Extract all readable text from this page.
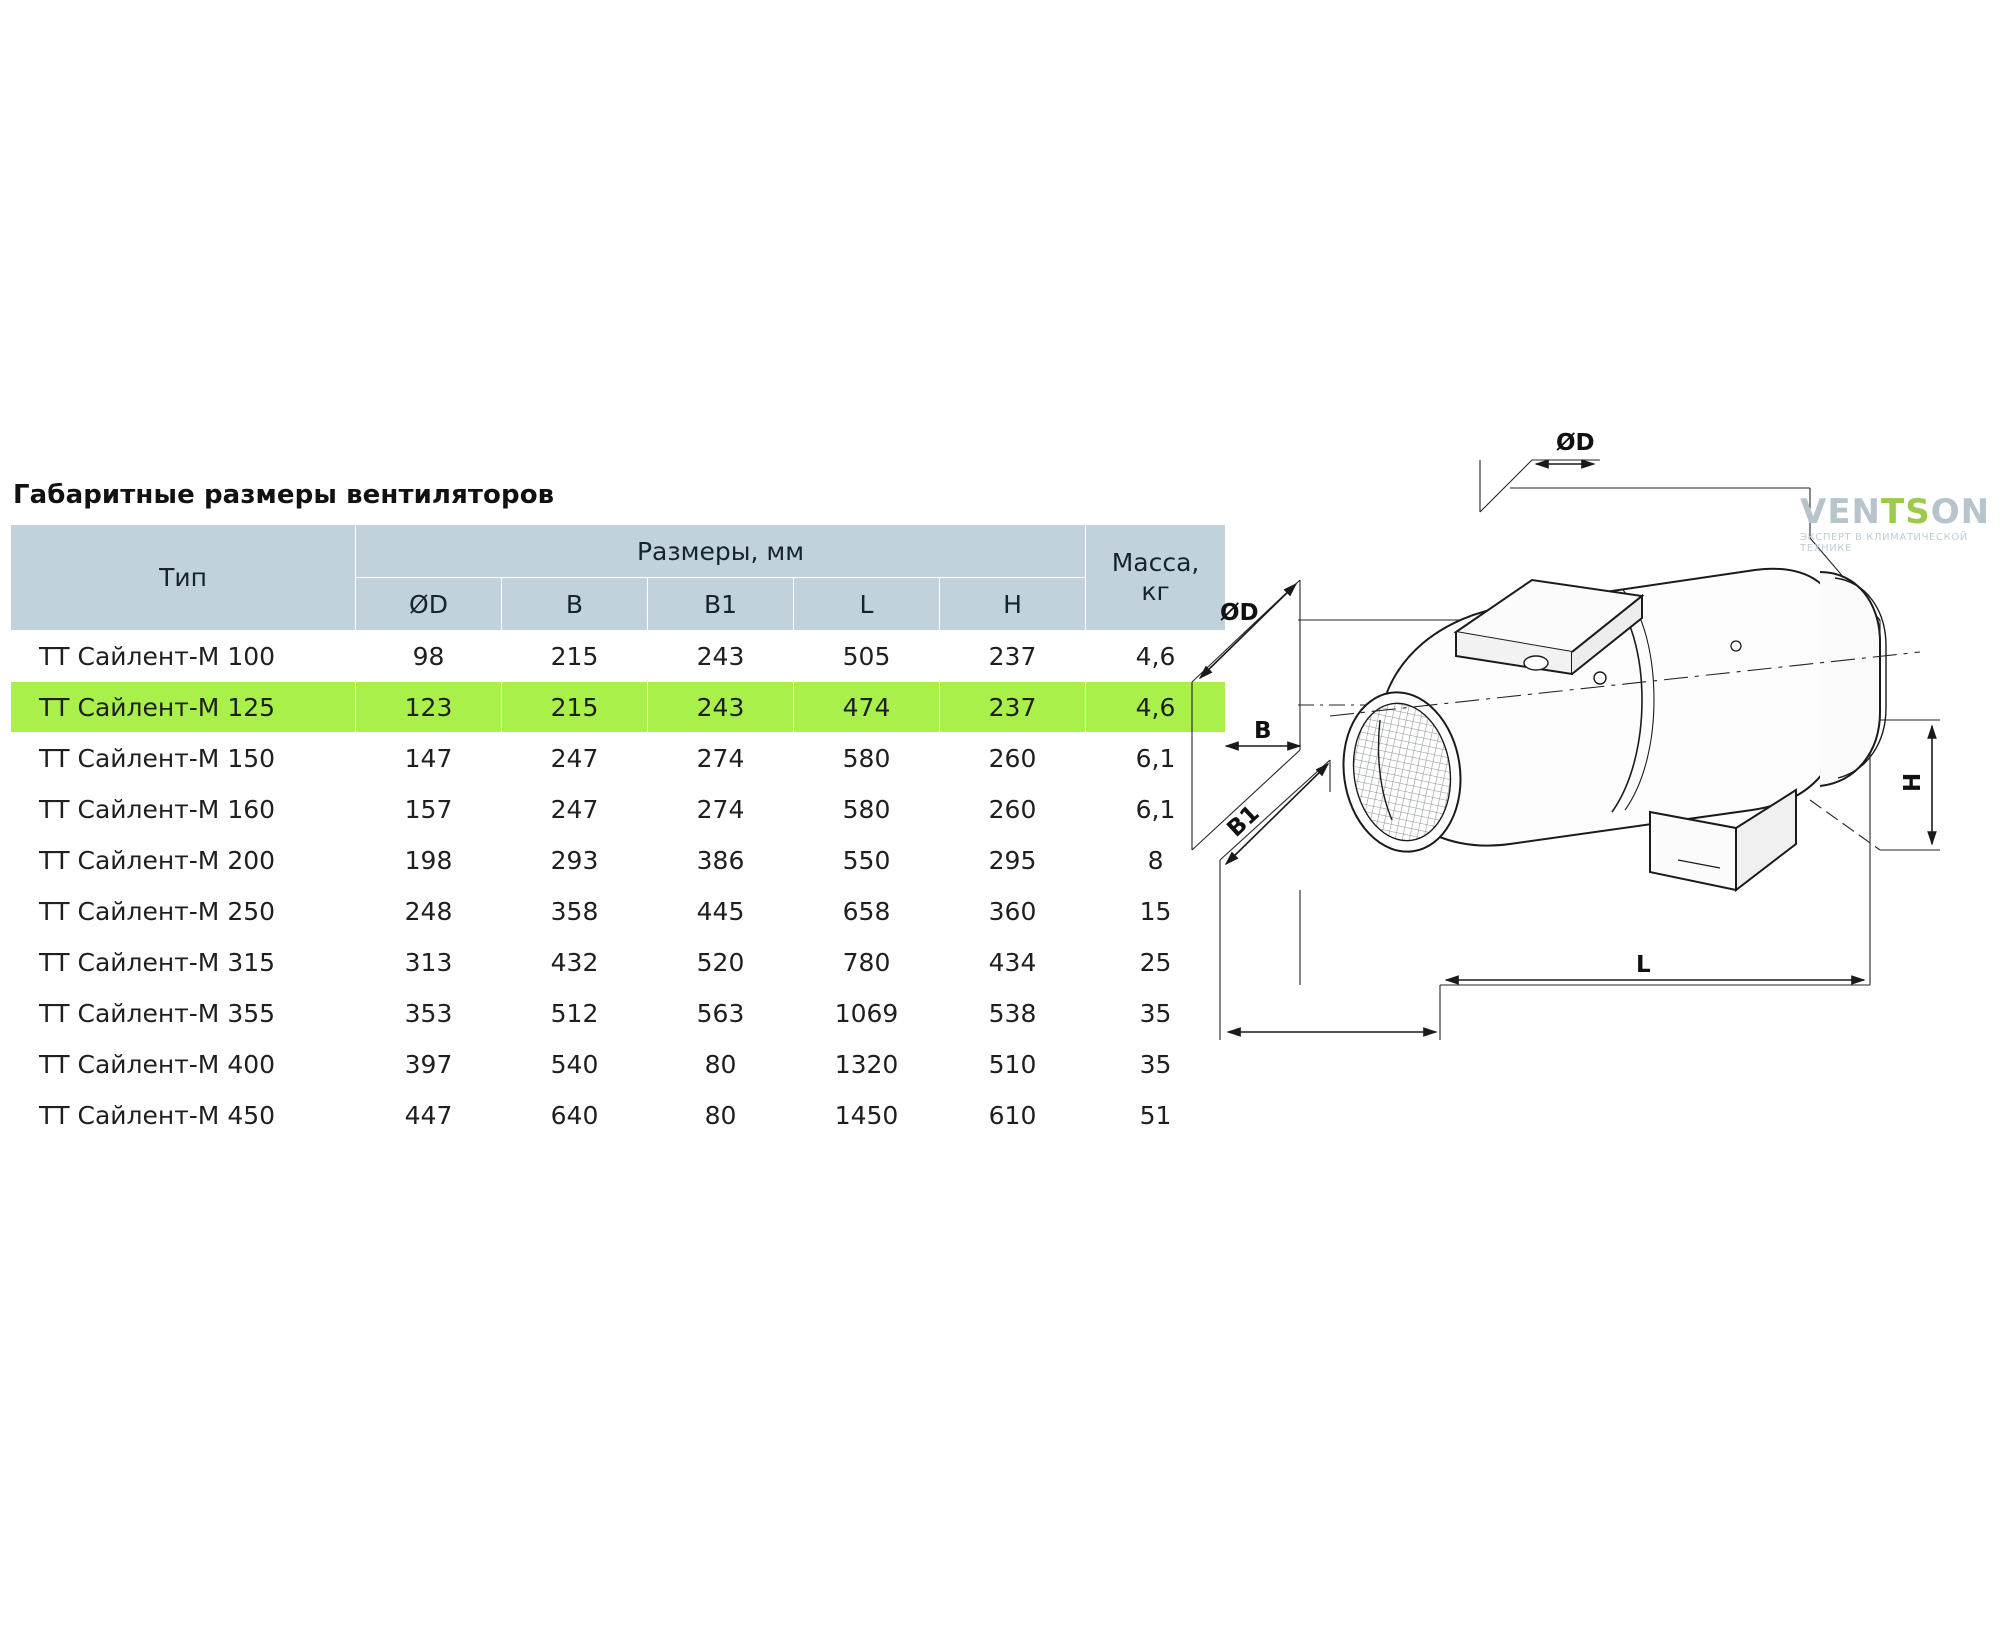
Габаритные размеры вентиляторов
Тип	Размеры, мм					Масса,
кг

	ØD	B	B1	L	H	
ТТ Сайлент-М 100	98	215	243	505	237	4,6
ТТ Сайлент-М 125	123	215	243	474	237	4,6
ТТ Сайлент-М 150	147	247	274	580	260	6,1
ТТ Сайлент-М 160	157	247	274	580	260	6,1
ТТ Сайлент-М 200	198	293	386	550	295	8
ТТ Сайлент-М 250	248	358	445	658	360	15
ТТ Сайлент-М 315	313	432	520	780	434	25
ТТ Сайлент-М 355	353	512	563	1069	538	35
ТТ Сайлент-М 400	397	540	80	1320	510	35
ТТ Сайлент-М 450	447	640	80	1450	610	51
ØD
ØD
B
B1
L
H
VENTSON
ЭКСПЕРТ В КЛИМАТИЧЕСКОЙ ТЕХНИКЕ
